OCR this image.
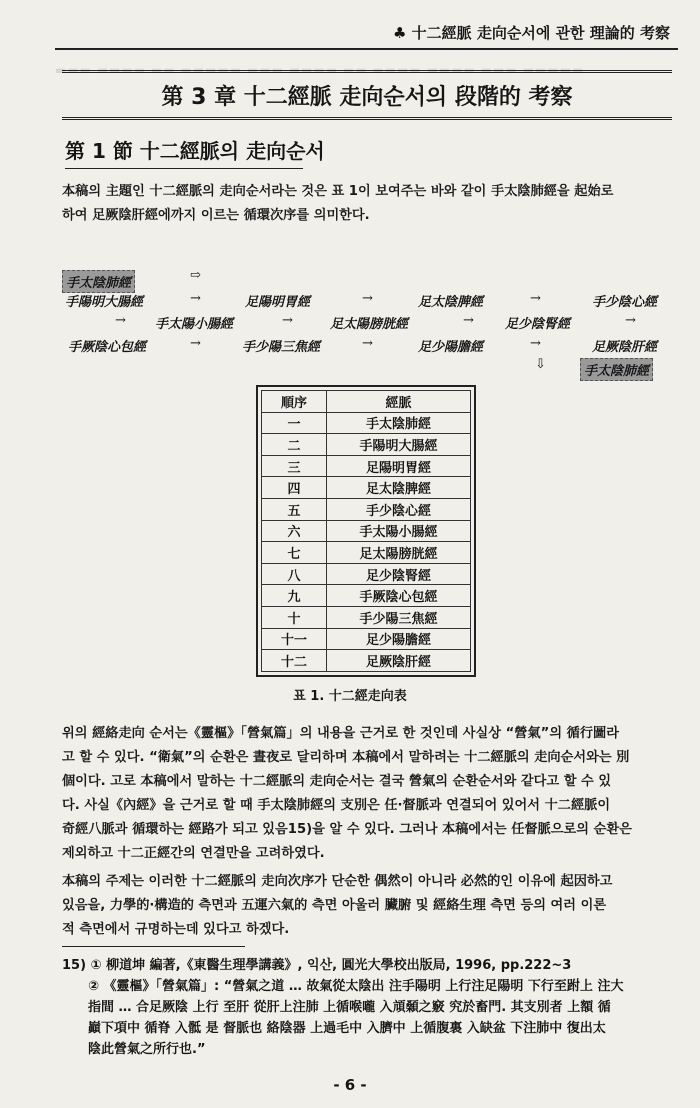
▬▬▬ ▬▬▬▬ ▬▬ ▬▬▬▬▬ ▬▬▬ ▬▬▬▬ ▬▬ ▬▬▬▬ ▬▬▬▬ ▬▬▬ ▬▬▬▬▬
♣ 十二經脈 走向순서에 관한 理論的 考察
第 3 章 十二經脈 走向순서의 段階的 考察
第 1 節 十二經脈의 走向순서
本稿의 主題인 十二經脈의 走向순서라는 것은 표 1이 보여주는 바와 같이 手太陰肺經을 起始로
하여 足厥陰肝經에까지 이르는 循環次序를 의미한다.
手太陰肺經
⇨
手陽明大腸經	→	足陽明胃經	→	足太陰脾經	→	手少陰心經
→ 手太陽小腸經	→	足太陽膀胱經	→ 足少陰腎經	→
手厥陰心包經	→	手少陽三焦經	→	足少陽膽經	→	足厥陰肝經
⇩	手太陰肺經
順序	經脈
一	手太陰肺經
二	手陽明大腸經
三	足陽明胃經
四	足太陰脾經
五	手少陰心經
六	手太陽小腸經
七	足太陽膀胱經
八	足少陰腎經
九	手厥陰心包經
十	手少陽三焦經
十一	足少陽膽經
十二	足厥陰肝經
표 1. 十二經走向表
위의 經絡走向 순서는《靈樞》「營氣篇」의 내용을 근거로 한 것인데 사실상 “營氣”의 循行圖라
고 할 수 있다. “衛氣”의 순환은 晝夜로 달리하며 本稿에서 말하려는 十二經脈의 走向순서와는 別
個이다. 고로 本稿에서 말하는 十二經脈의 走向순서는 결국 營氣의 순환순서와 같다고 할 수 있
다. 사실《內經》을 근거로 할 때 手太陰肺經의 支別은 任·督脈과 연결되어 있어서 十二經脈이
奇經八脈과 循環하는 經路가 되고 있음15)을 알 수 있다. 그러나 本稿에서는 任督脈으로의 순환은
제외하고 十二正經간의 연결만을 고려하였다.
本稿의 주제는 이러한 十二經脈의 走向次序가 단순한 偶然이 아니라 必然的인 이유에 起因하고
있음을, 力學的·構造的 측면과 五運六氣的 측면 아울러 臟腑 및 經絡生理 측면 등의 여러 이론
적 측면에서 규명하는데 있다고 하겠다.
15) ① 柳道坤 編著,《東醫生理學講義》, 익산, 圓光大學校出版局, 1996, pp.222~3
② 《靈樞》「營氣篇」: “營氣之道 … 故氣從太陰出 注手陽明 上行注足陽明 下行至跗上 注大
指間 … 合足厥陰 上行 至肝 從肝上注肺 上循喉嚨 入頏顙之竅 究於畜門. 其支別者 上額 循
巓下項中 循脊 入骶 是 督脈也 絡陰器 上過毛中 入臍中 上循腹裏 入缺盆 下注肺中 復出太
陰此營氣之所行也.”
- 6 -
